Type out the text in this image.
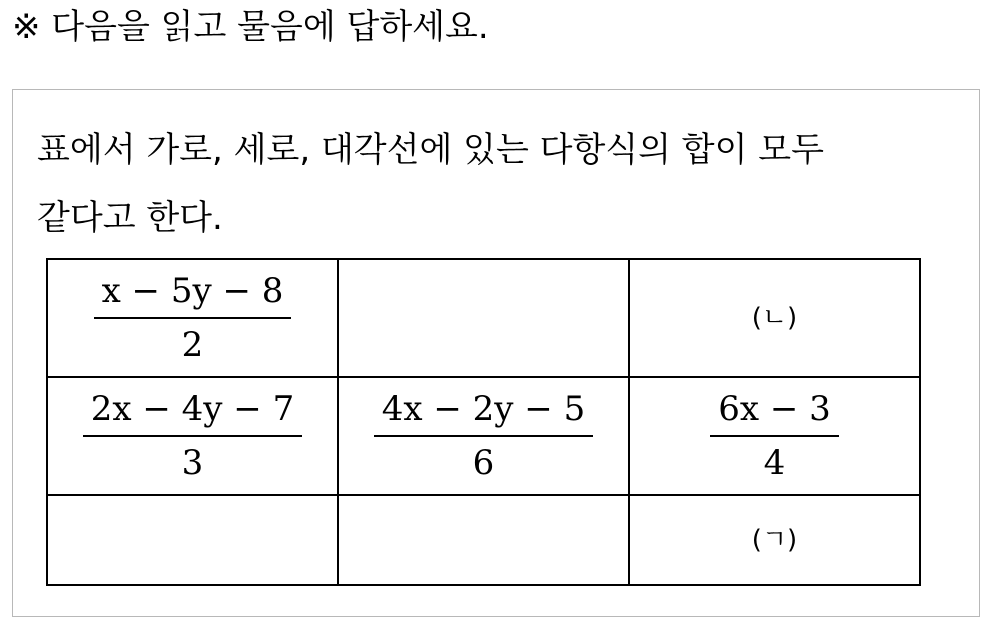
※ 다음을 읽고 물음에 답하세요.
표에서 가로, 세로, 대각선에 있는 다항식의 합이 모두
같다고 한다.
$\frac{x - 5y - 8}{2}$		(ㄴ)

$\frac{2x - 4y - 7}{3}$	$\frac{4x - 2y - 5}{6}$	$\frac{6x - 3}{4}$

		(ㄱ)
